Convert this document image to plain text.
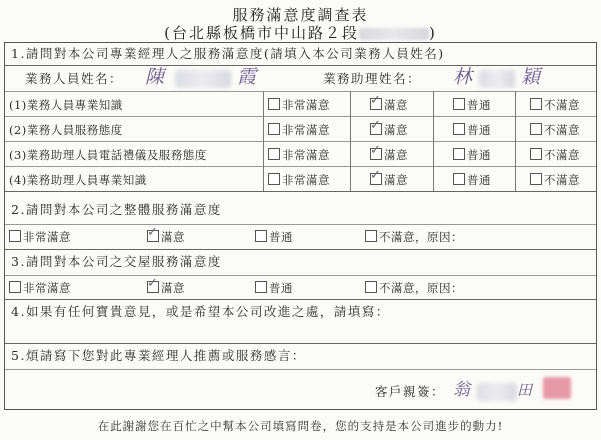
服務滿意度調查表
(台北縣板橋市中山路２段	)
1.請問對本公司專業經理人之服務滿意度(請填入本公司業務人員姓名)
業務人員姓名： 陳	霞	業務助理姓名： 林 穎
(1)業務人員專業知識	非常滿意	✓ 滿意	普通	不滿意
(2)業務人員服務態度	非常滿意	✓ 滿意	普通	不滿意
(3)業務助理人員電話禮儀及服務態度	非常滿意	✓ 滿意	普通	不滿意
(4)業務助理人員專業知識	非常滿意	✓ 滿意	普通	不滿意
2.請問對本公司之整體服務滿意度
非常滿意	✓ 滿意	普通	不滿意，原因：
3.請問對本公司之交屋服務滿意度
非常滿意	✓ 滿意	普通	不滿意，原因：
4.如果有任何寶貴意見，或是希望本公司改進之處，請填寫：
5.煩請寫下您對此專業經理人推薦或服務感言：
客戶親簽： 翁	田
在此謝謝您在百忙之中幫本公司填寫問卷，您的支持是本公司進步的動力!
